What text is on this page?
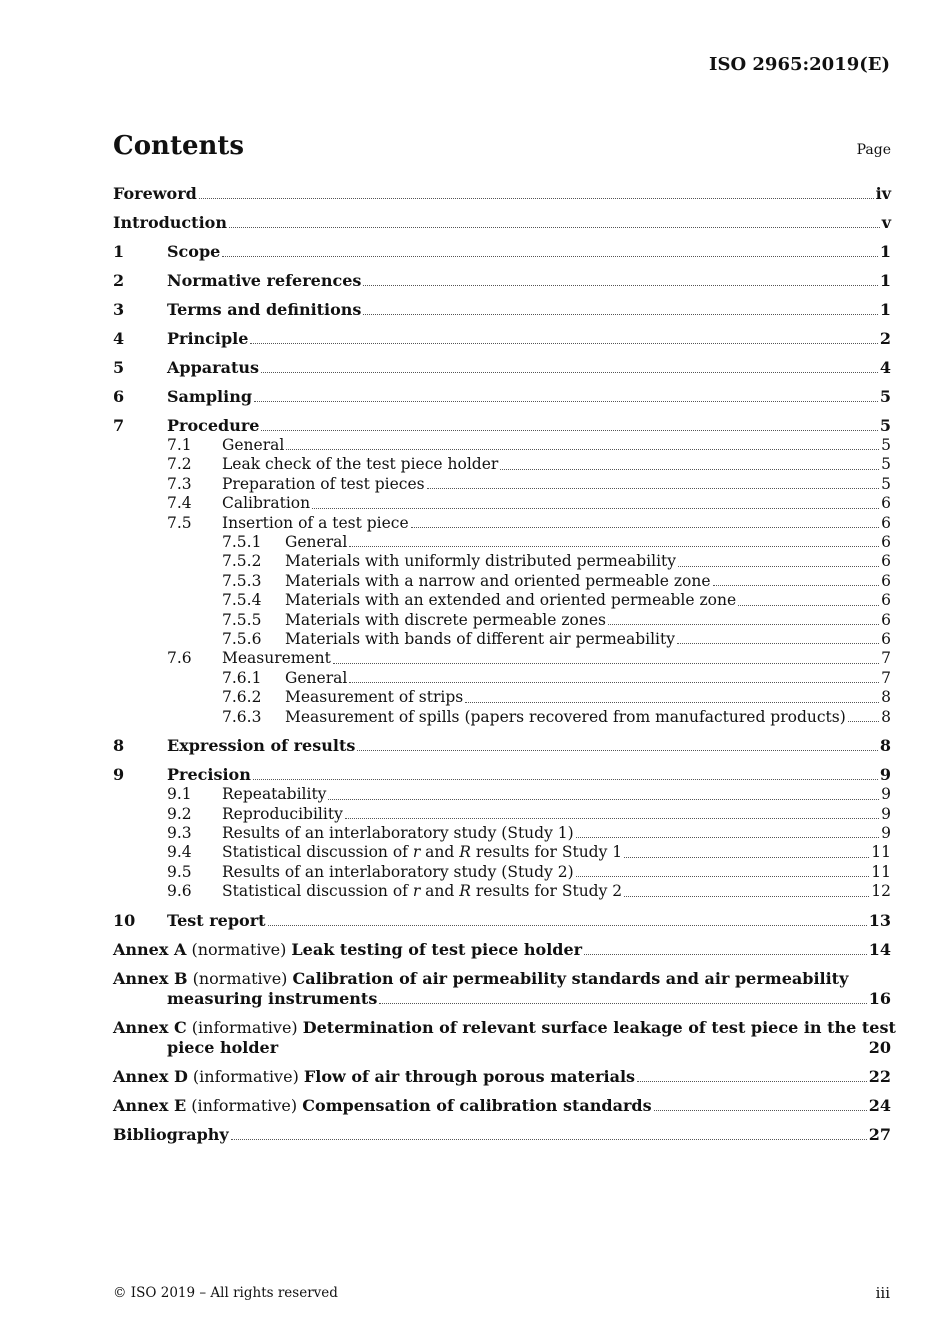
ISO 2965:2019(E)
Contents	Page
Foreword	iv
Introduction	v
1	Scope	1
2	Normative references	1
3	Terms and definitions	1
4	Principle	2
5	Apparatus	4
6	Sampling	5
7	Procedure	5
7.1	General	5
7.2	Leak check of the test piece holder	5
7.3	Preparation of test pieces	5
7.4	Calibration	6
7.5	Insertion of a test piece	6
7.5.1	General	6
7.5.2	Materials with uniformly distributed permeability	6
7.5.3	Materials with a narrow and oriented permeable zone	6
7.5.4	Materials with an extended and oriented permeable zone	6
7.5.5	Materials with discrete permeable zones	6
7.5.6	Materials with bands of different air permeability	6
7.6	Measurement	7
7.6.1	General	7
7.6.2	Measurement of strips	8
7.6.3	Measurement of spills (papers recovered from manufactured products) 8
8	Expression of results	8
9	Precision	9
9.1	Repeatability	9
9.2	Reproducibility	9
9.3	Results of an interlaboratory study (Study 1)	9
9.4	Statistical discussion of r and R results for Study 1	11
9.5	Results of an interlaboratory study (Study 2)	11
9.6	Statistical discussion of r and R results for Study 2	12
10	Test report	13
Annex A (normative) Leak testing of test piece holder	14
Annex B (normative) Calibration of air permeability standards and air permeability
measuring instruments	16
Annex C (informative) Determination of relevant surface leakage of test piece in the test
piece holder	20
Annex D (informative) Flow of air through porous materials	22
Annex E (informative) Compensation of calibration standards	24
Bibliography	27
© ISO 2019 – All rights reserved	iii
